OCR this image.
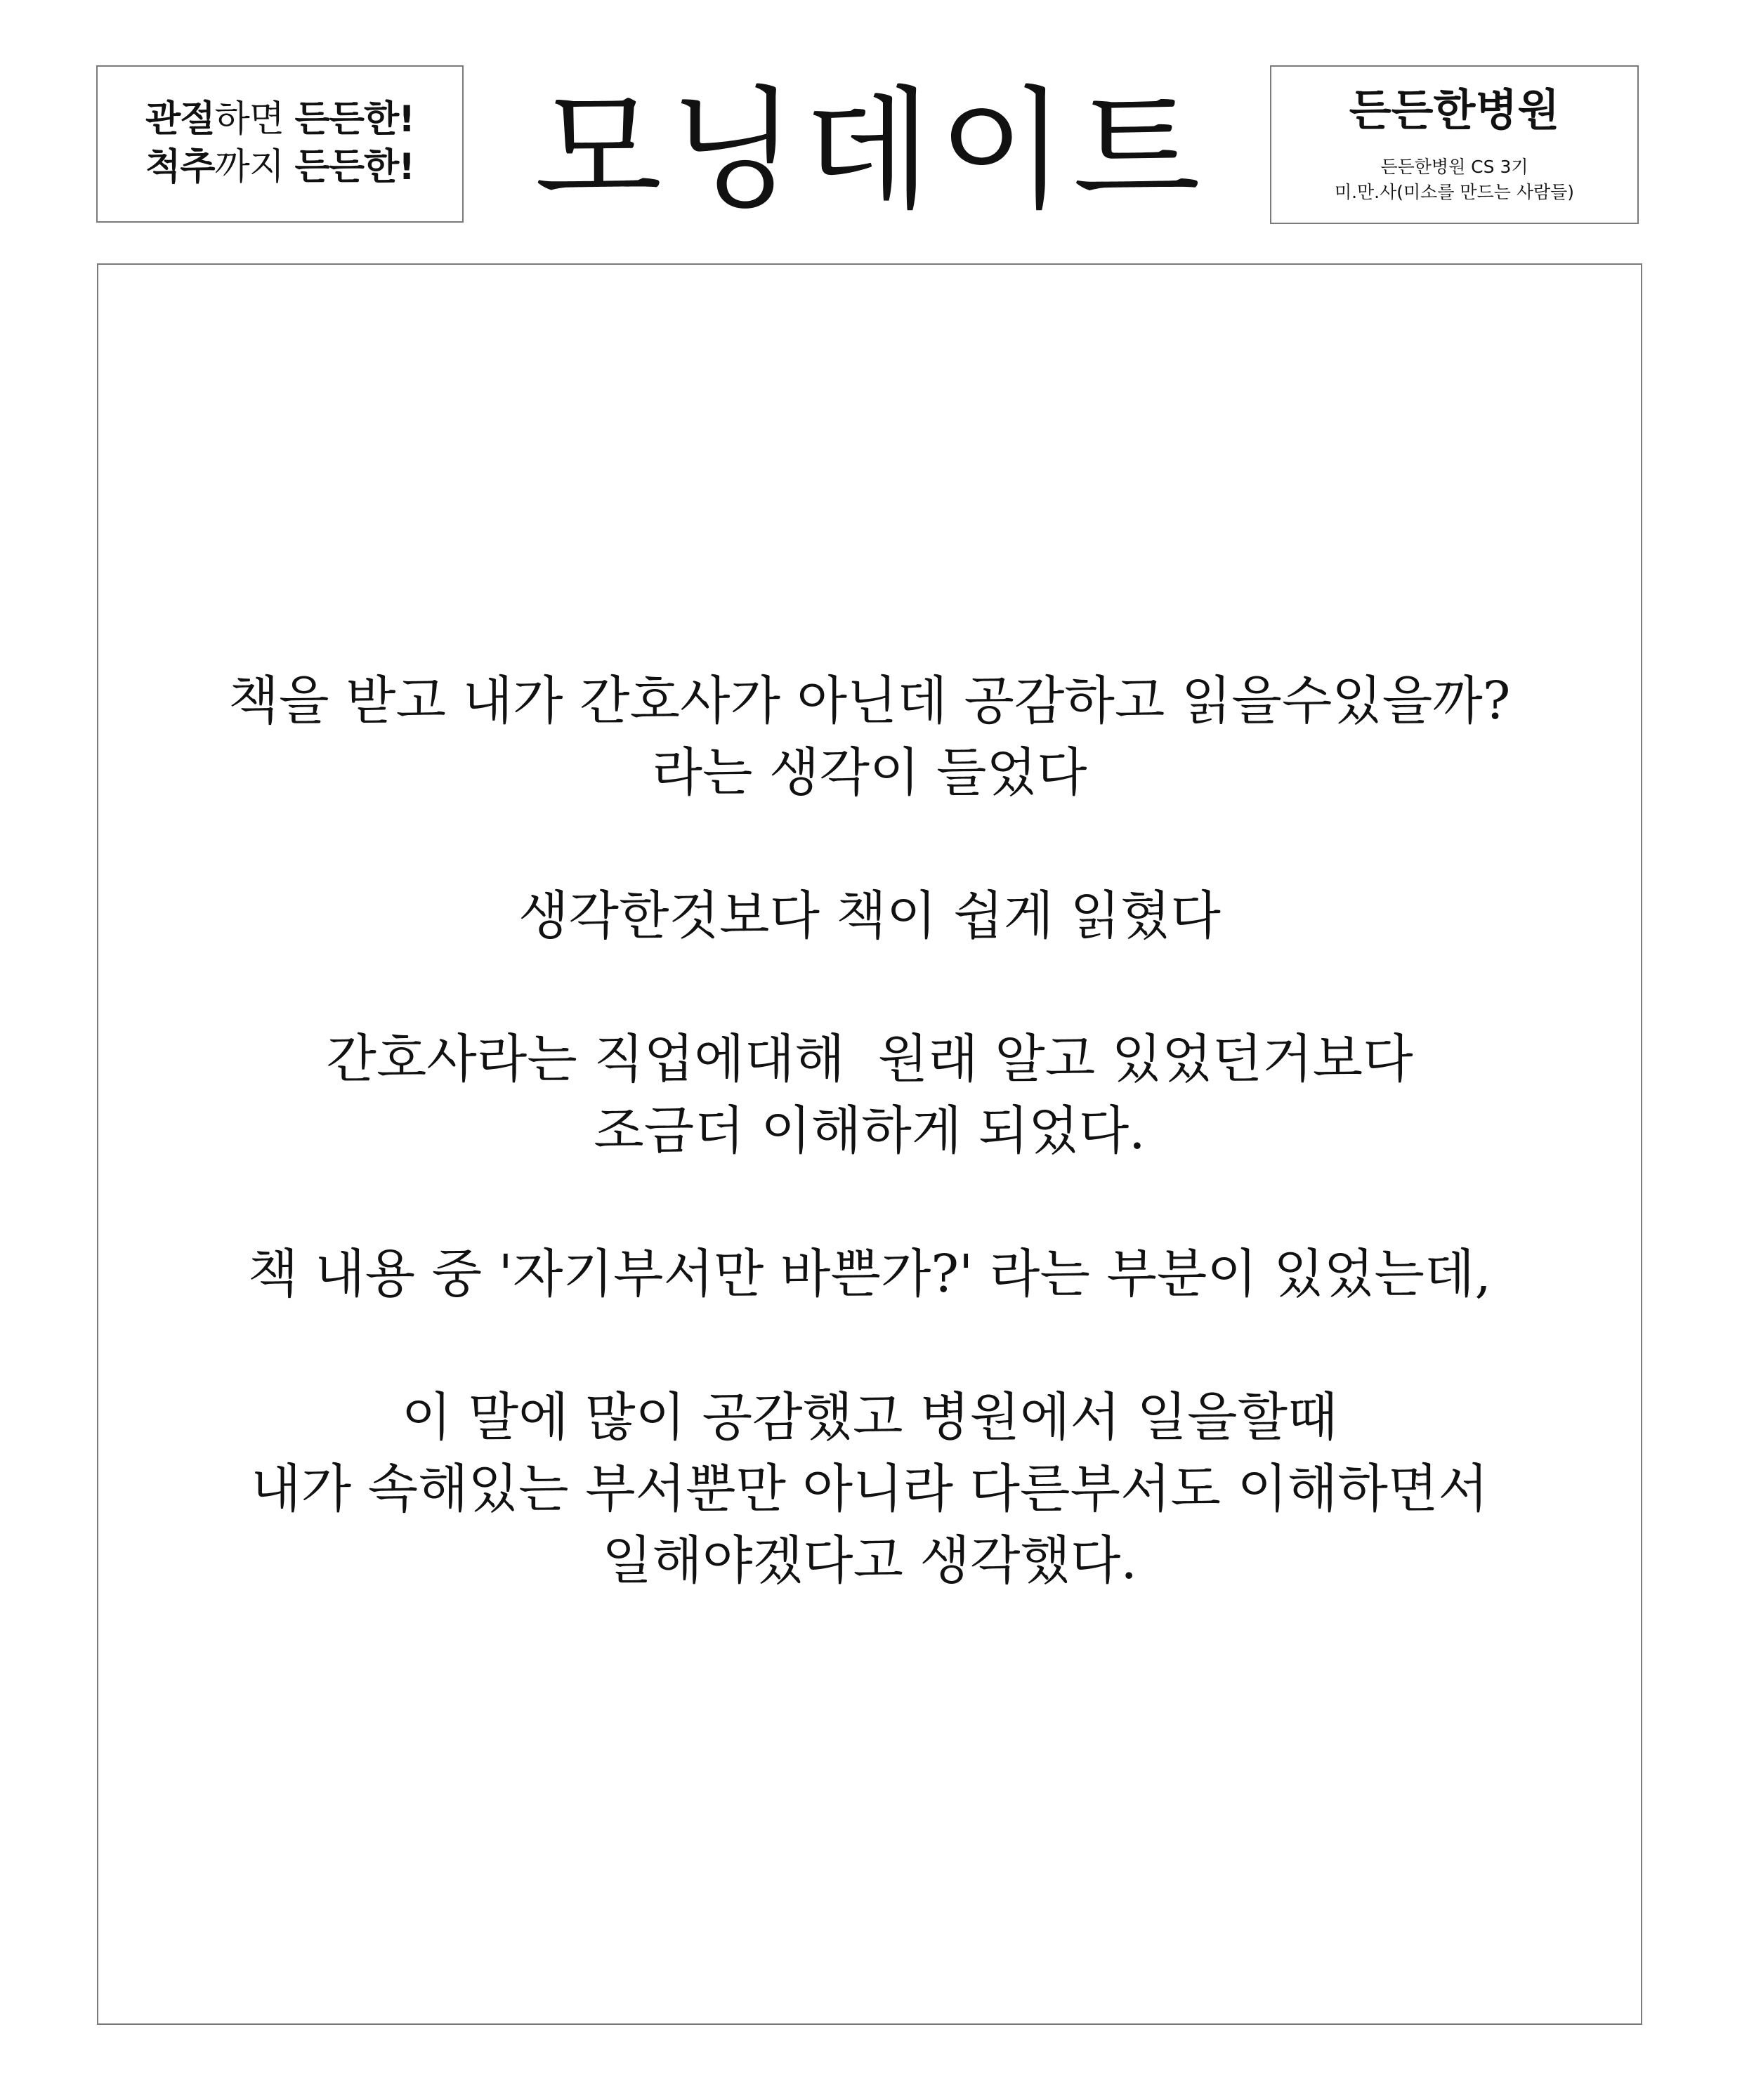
관절하면 든든한!
척추까지 든든한! 모닝데이트	든든한병원
든든한병원 CS 3기
미.만.사(미소를 만드는 사람들)
책을 받고 내가 간호사가 아닌데 공감하고 읽을수있을까?
라는 생각이 들었다
생각한것보다 책이 쉽게 읽혔다
간호사라는 직업에대해  원래 알고 있었던거보다
조금더 이해하게 되었다.
책 내용 중 '자기부서만 바쁜가?' 라는 부분이 있었는데,
이 말에 많이 공감했고 병원에서 일을할때
내가 속해있는 부서뿐만 아니라 다른부서도 이해하면서
일해야겠다고 생각했다.
